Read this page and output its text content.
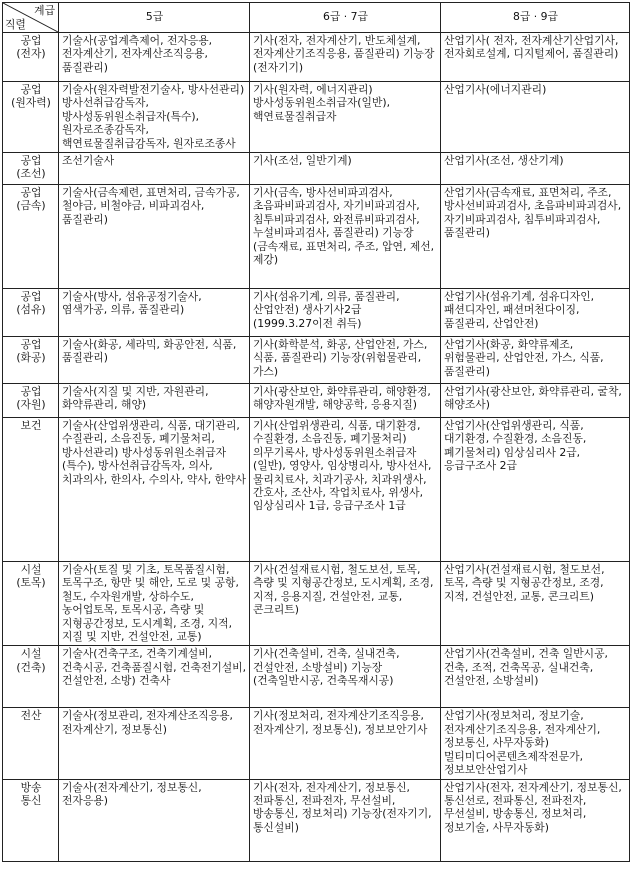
계급
직렬	5급	6급 · 7급	8급 · 9급

공업
(전자)	기술사(공업계측제어, 전자응용, 전자계산기, 전자계산조직응용, 품질관리)	기사(전자, 전자계산기, 반도체설계, 전자계산기조직응용, 품질관리) 기능장(전자기기)	산업기사( 전자, 전자계산기산업기사, 전자회로설계, 디지털제어, 품질관리)

공업
(원자력)	기술사(원자력발전기술사, 방사선관리) 방사선취급감독자, 방사성동위원소취급자(특수), 원자로조종감독자, 핵연료물질취급감독자, 원자로조종사	기사(원자력, 에너지관리) 방사성동위원소취급자(일반), 핵연료물질취급자	산업기사(에너지관리)

공업
(조선)	조선기술사	기사(조선, 일반기계)	산업기사(조선, 생산기계)

공업
(금속)	기술사(금속제련, 표면처리, 금속가공, 철야금, 비철야금, 비파괴검사, 품질관리)	기사(금속, 방사선비파괴검사, 초음파비파괴검사, 자기비파괴검사, 침투비파괴검사, 와전류비파괴검사, 누설비파괴검사, 품질관리) 기능장(금속재료, 표면처리, 주조, 압연, 제선, 제강)	산업기사(금속재료, 표면처리, 주조, 방사선비파괴검사, 초음파비파괴검사, 자기비파괴검사, 침투비파괴검사, 품질관리)

공업
(섬유)	기술사(방사, 섬유공정기술사, 염색가공, 의류, 품질관리)	기사(섬유기계, 의류, 품질관리, 산업안전) 생사기사2급(1999.3.27이전 취득)	산업기사(섬유기계, 섬유디자인, 패션디자인, 패션머천다이징, 품질관리, 산업안전)

공업
(화공)	기술사(화공, 세라믹, 화공안전, 식품, 품질관리)	기사(화학분석, 화공, 산업안전, 가스, 식품, 품질관리) 기능장(위험물관리, 가스)	산업기사(화공, 화약류제조, 위험물관리, 산업안전, 가스, 식품, 품질관리)

공업
(자원)	기술사(지질 및 지반, 자원관리, 화약류관리, 해양)	기사(광산보안, 화약류관리, 해양환경, 해양자원개발, 해양공학, 응용지질)	산업기사(광산보안, 화약류관리, 굴착, 해양조사)

보건	기술사(산업위생관리, 식품, 대기관리, 수질관리, 소음진동, 폐기물처리, 방사선관리) 방사성동위원소취급자(특수), 방사선취급감독자, 의사, 치과의사, 한의사, 수의사, 약사, 한약사	기사(산업위생관리, 식품, 대기환경, 수질환경, 소음진동, 폐기물처리) 의무기록사, 방사성동위원소취급자(일반), 영양사, 임상병리사, 방사선사, 물리치료사, 치과기공사, 치과위생사, 간호사, 조산사, 작업치료사, 위생사, 임상심리사 1급, 응급구조사 1급	산업기사(산업위생관리, 식품, 대기환경, 수질환경, 소음진동, 폐기물처리) 임상심리사 2급, 응급구조사 2급

시설
(토목)	기술사(토질 및 기초, 토목품질시험, 토목구조, 항만 및 해안, 도로 및 공항, 철도, 수자원개발, 상하수도, 농어업토목, 토목시공, 측량 및 지형공간정보, 도시계획, 조경, 지적, 지질 및 지반, 건설안전, 교통)	기사(건설재료시험, 철도보선, 토목, 측량 및 지형공간정보, 도시계획, 조경, 지적, 응용지질, 건설안전, 교통, 콘크리트)	산업기사(건설재료시험, 철도보선, 토목, 측량 및 지형공간정보, 조경, 지적, 건설안전, 교통, 콘크리트)

시설
(건축)	기술사(건축구조, 건축기계설비, 건축시공, 건축품질시험, 건축전기설비, 건설안전, 소방) 건축사	기사(건축설비, 건축, 실내건축, 건설안전, 소방설비) 기능장(건축일반시공, 건축목재시공)	산업기사(건축설비, 건축 일반시공, 건축, 조적, 건축목공, 실내건축, 건설안전, 소방설비)

전산	기술사(정보관리, 전자계산조직응용, 전자계산기, 정보통신)	기사(정보처리, 전자계산기조직응용, 전자계산기, 정보통신), 정보보안기사	산업기사(정보처리, 정보기술, 전자계산기조직응용, 전자계산기, 정보통신, 사무자동화) 멀티미디어콘텐츠제작전문가, 정보보안산업기사

방송
통신	기술사(전자계산기, 정보통신, 전자응용)	기사(전자, 전자계산기, 정보통신, 전파통신, 전파전자, 무선설비, 방송통신, 정보처리) 기능장(전자기기, 통신설비)	산업기사(전자, 전자계산기, 정보통신, 통신선로, 전파통신, 전파전자, 무선설비, 방송통신, 정보처리, 정보기술, 사무자동화)
